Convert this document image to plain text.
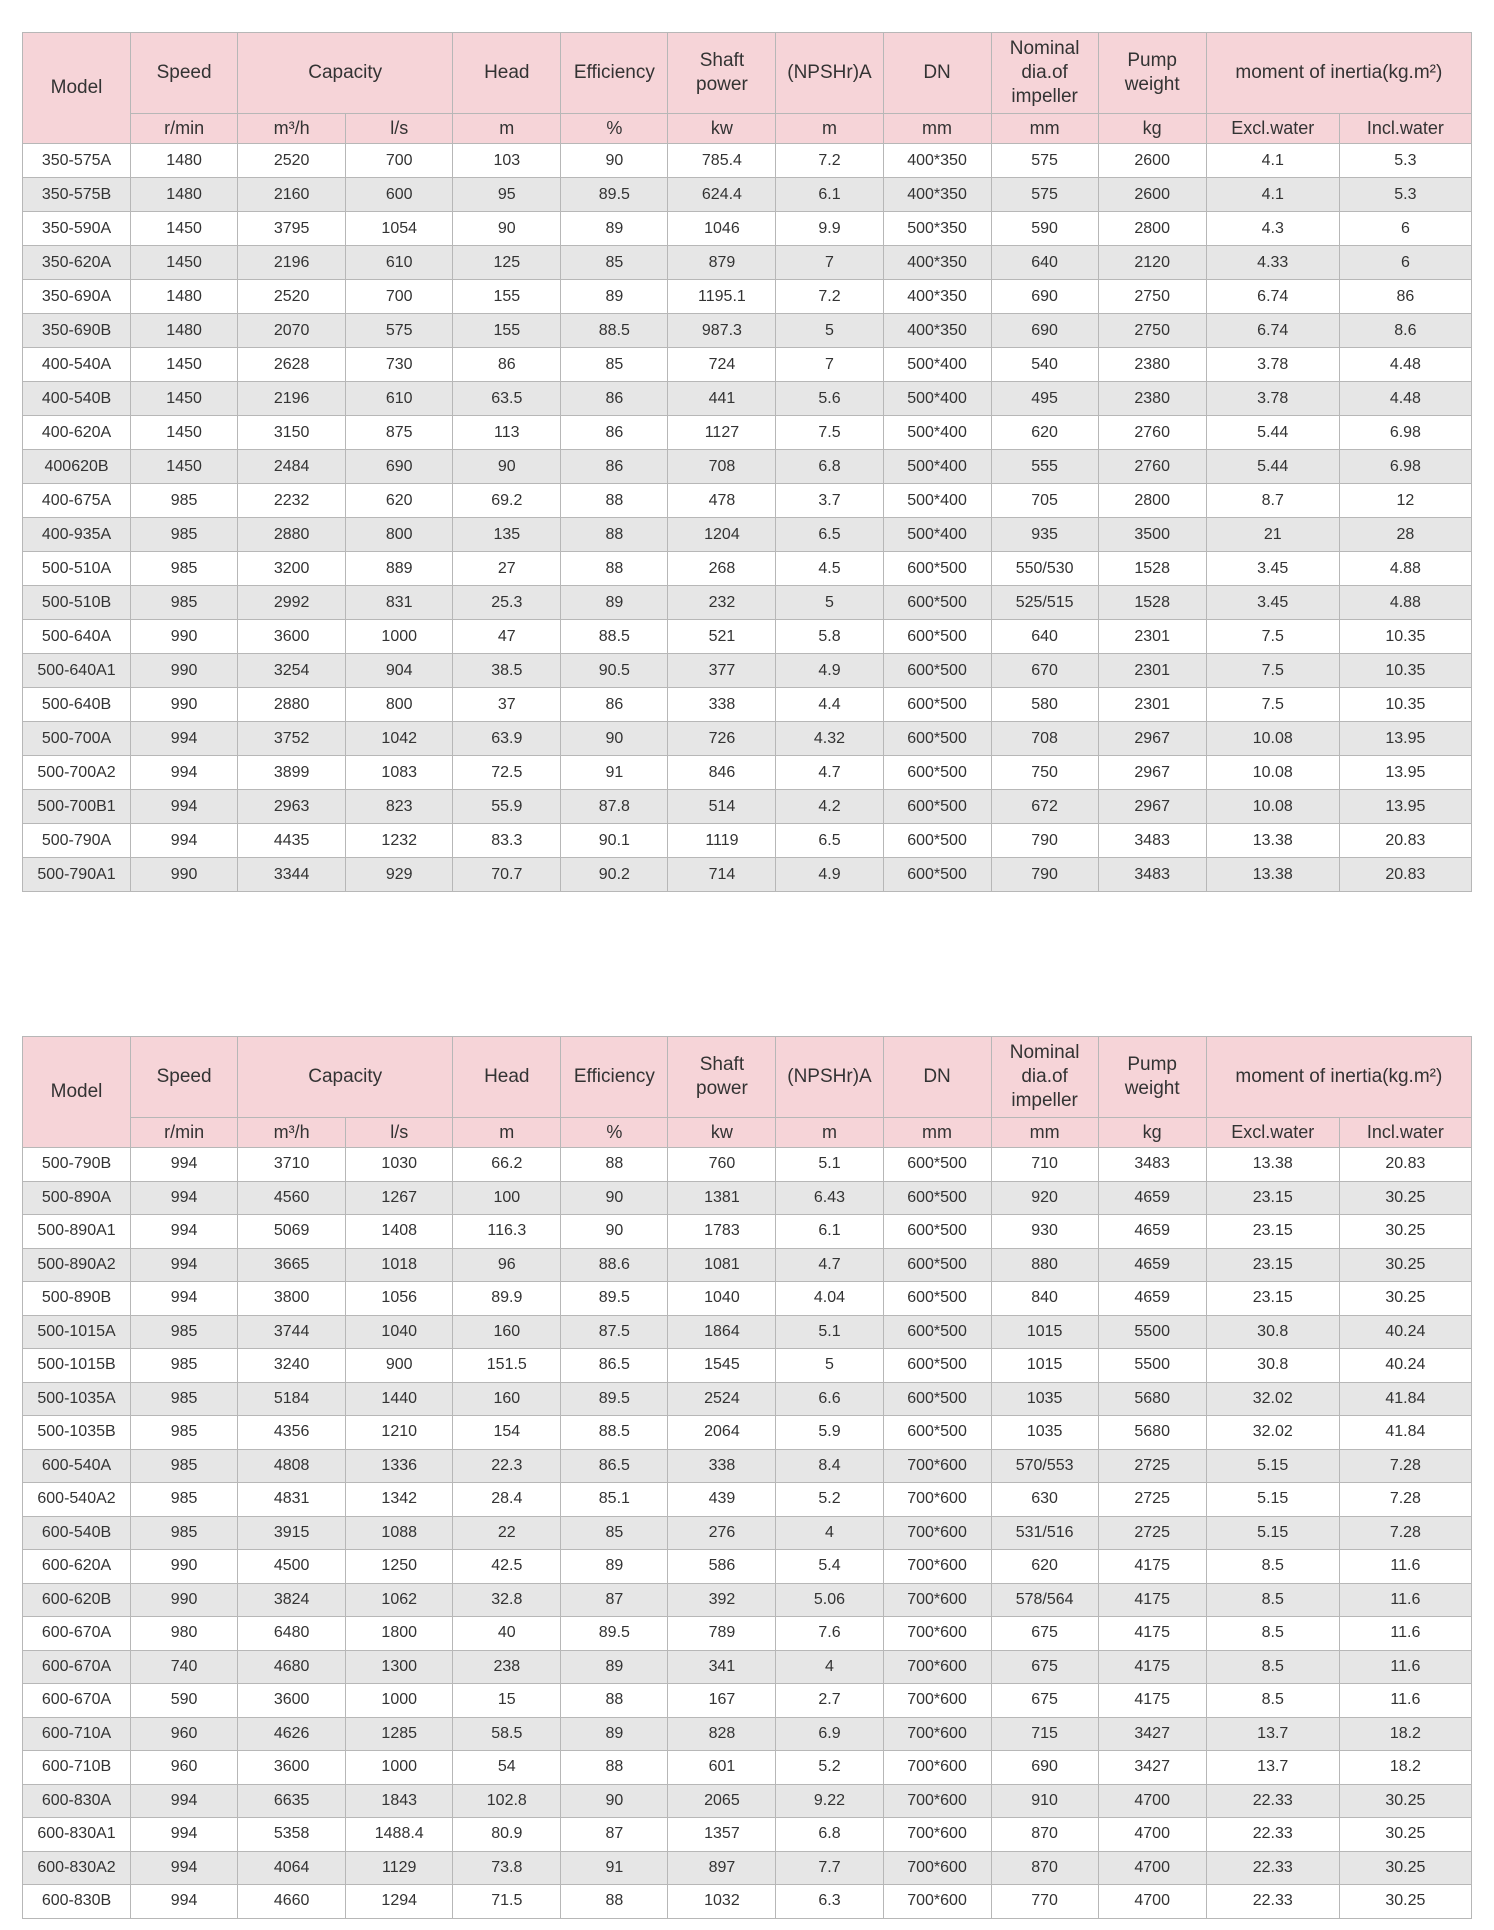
Model	Speed	Capacity		Head	Efficiency	Shaft power	(NPSHr)A	DN	Nominal dia.of impeller	Pump weight	moment of inertia(kg.m²)	
	r/min	m³/h	l/s	m	%	kw	m	mm	mm	kg	Excl.water	Incl.water
350-575A	1480	2520	700	103	90	785.4	7.2	400*350	575	2600	4.1	5.3
350-575B	1480	2160	600	95	89.5	624.4	6.1	400*350	575	2600	4.1	5.3
350-590A	1450	3795	1054	90	89	1046	9.9	500*350	590	2800	4.3	6
350-620A	1450	2196	610	125	85	879	7	400*350	640	2120	4.33	6
350-690A	1480	2520	700	155	89	1195.1	7.2	400*350	690	2750	6.74	86
350-690B	1480	2070	575	155	88.5	987.3	5	400*350	690	2750	6.74	8.6
400-540A	1450	2628	730	86	85	724	7	500*400	540	2380	3.78	4.48
400-540B	1450	2196	610	63.5	86	441	5.6	500*400	495	2380	3.78	4.48
400-620A	1450	3150	875	113	86	1127	7.5	500*400	620	2760	5.44	6.98
400620B	1450	2484	690	90	86	708	6.8	500*400	555	2760	5.44	6.98
400-675A	985	2232	620	69.2	88	478	3.7	500*400	705	2800	8.7	12
400-935A	985	2880	800	135	88	1204	6.5	500*400	935	3500	21	28
500-510A	985	3200	889	27	88	268	4.5	600*500	550/530	1528	3.45	4.88
500-510B	985	2992	831	25.3	89	232	5	600*500	525/515	1528	3.45	4.88
500-640A	990	3600	1000	47	88.5	521	5.8	600*500	640	2301	7.5	10.35
500-640A1	990	3254	904	38.5	90.5	377	4.9	600*500	670	2301	7.5	10.35
500-640B	990	2880	800	37	86	338	4.4	600*500	580	2301	7.5	10.35
500-700A	994	3752	1042	63.9	90	726	4.32	600*500	708	2967	10.08	13.95
500-700A2	994	3899	1083	72.5	91	846	4.7	600*500	750	2967	10.08	13.95
500-700B1	994	2963	823	55.9	87.8	514	4.2	600*500	672	2967	10.08	13.95
500-790A	994	4435	1232	83.3	90.1	1119	6.5	600*500	790	3483	13.38	20.83
500-790A1	990	3344	929	70.7	90.2	714	4.9	600*500	790	3483	13.38	20.83
Model	Speed	Capacity		Head	Efficiency	Shaft power	(NPSHr)A	DN	Nominal dia.of impeller	Pump weight	moment of inertia(kg.m²)	
	r/min	m³/h	l/s	m	%	kw	m	mm	mm	kg	Excl.water	Incl.water
500-790B	994	3710	1030	66.2	88	760	5.1	600*500	710	3483	13.38	20.83
500-890A	994	4560	1267	100	90	1381	6.43	600*500	920	4659	23.15	30.25
500-890A1	994	5069	1408	116.3	90	1783	6.1	600*500	930	4659	23.15	30.25
500-890A2	994	3665	1018	96	88.6	1081	4.7	600*500	880	4659	23.15	30.25
500-890B	994	3800	1056	89.9	89.5	1040	4.04	600*500	840	4659	23.15	30.25
500-1015A	985	3744	1040	160	87.5	1864	5.1	600*500	1015	5500	30.8	40.24
500-1015B	985	3240	900	151.5	86.5	1545	5	600*500	1015	5500	30.8	40.24
500-1035A	985	5184	1440	160	89.5	2524	6.6	600*500	1035	5680	32.02	41.84
500-1035B	985	4356	1210	154	88.5	2064	5.9	600*500	1035	5680	32.02	41.84
600-540A	985	4808	1336	22.3	86.5	338	8.4	700*600	570/553	2725	5.15	7.28
600-540A2	985	4831	1342	28.4	85.1	439	5.2	700*600	630	2725	5.15	7.28
600-540B	985	3915	1088	22	85	276	4	700*600	531/516	2725	5.15	7.28
600-620A	990	4500	1250	42.5	89	586	5.4	700*600	620	4175	8.5	11.6
600-620B	990	3824	1062	32.8	87	392	5.06	700*600	578/564	4175	8.5	11.6
600-670A	980	6480	1800	40	89.5	789	7.6	700*600	675	4175	8.5	11.6
600-670A	740	4680	1300	238	89	341	4	700*600	675	4175	8.5	11.6
600-670A	590	3600	1000	15	88	167	2.7	700*600	675	4175	8.5	11.6
600-710A	960	4626	1285	58.5	89	828	6.9	700*600	715	3427	13.7	18.2
600-710B	960	3600	1000	54	88	601	5.2	700*600	690	3427	13.7	18.2
600-830A	994	6635	1843	102.8	90	2065	9.22	700*600	910	4700	22.33	30.25
600-830A1	994	5358	1488.4	80.9	87	1357	6.8	700*600	870	4700	22.33	30.25
600-830A2	994	4064	1129	73.8	91	897	7.7	700*600	870	4700	22.33	30.25
600-830B	994	4660	1294	71.5	88	1032	6.3	700*600	770	4700	22.33	30.25
